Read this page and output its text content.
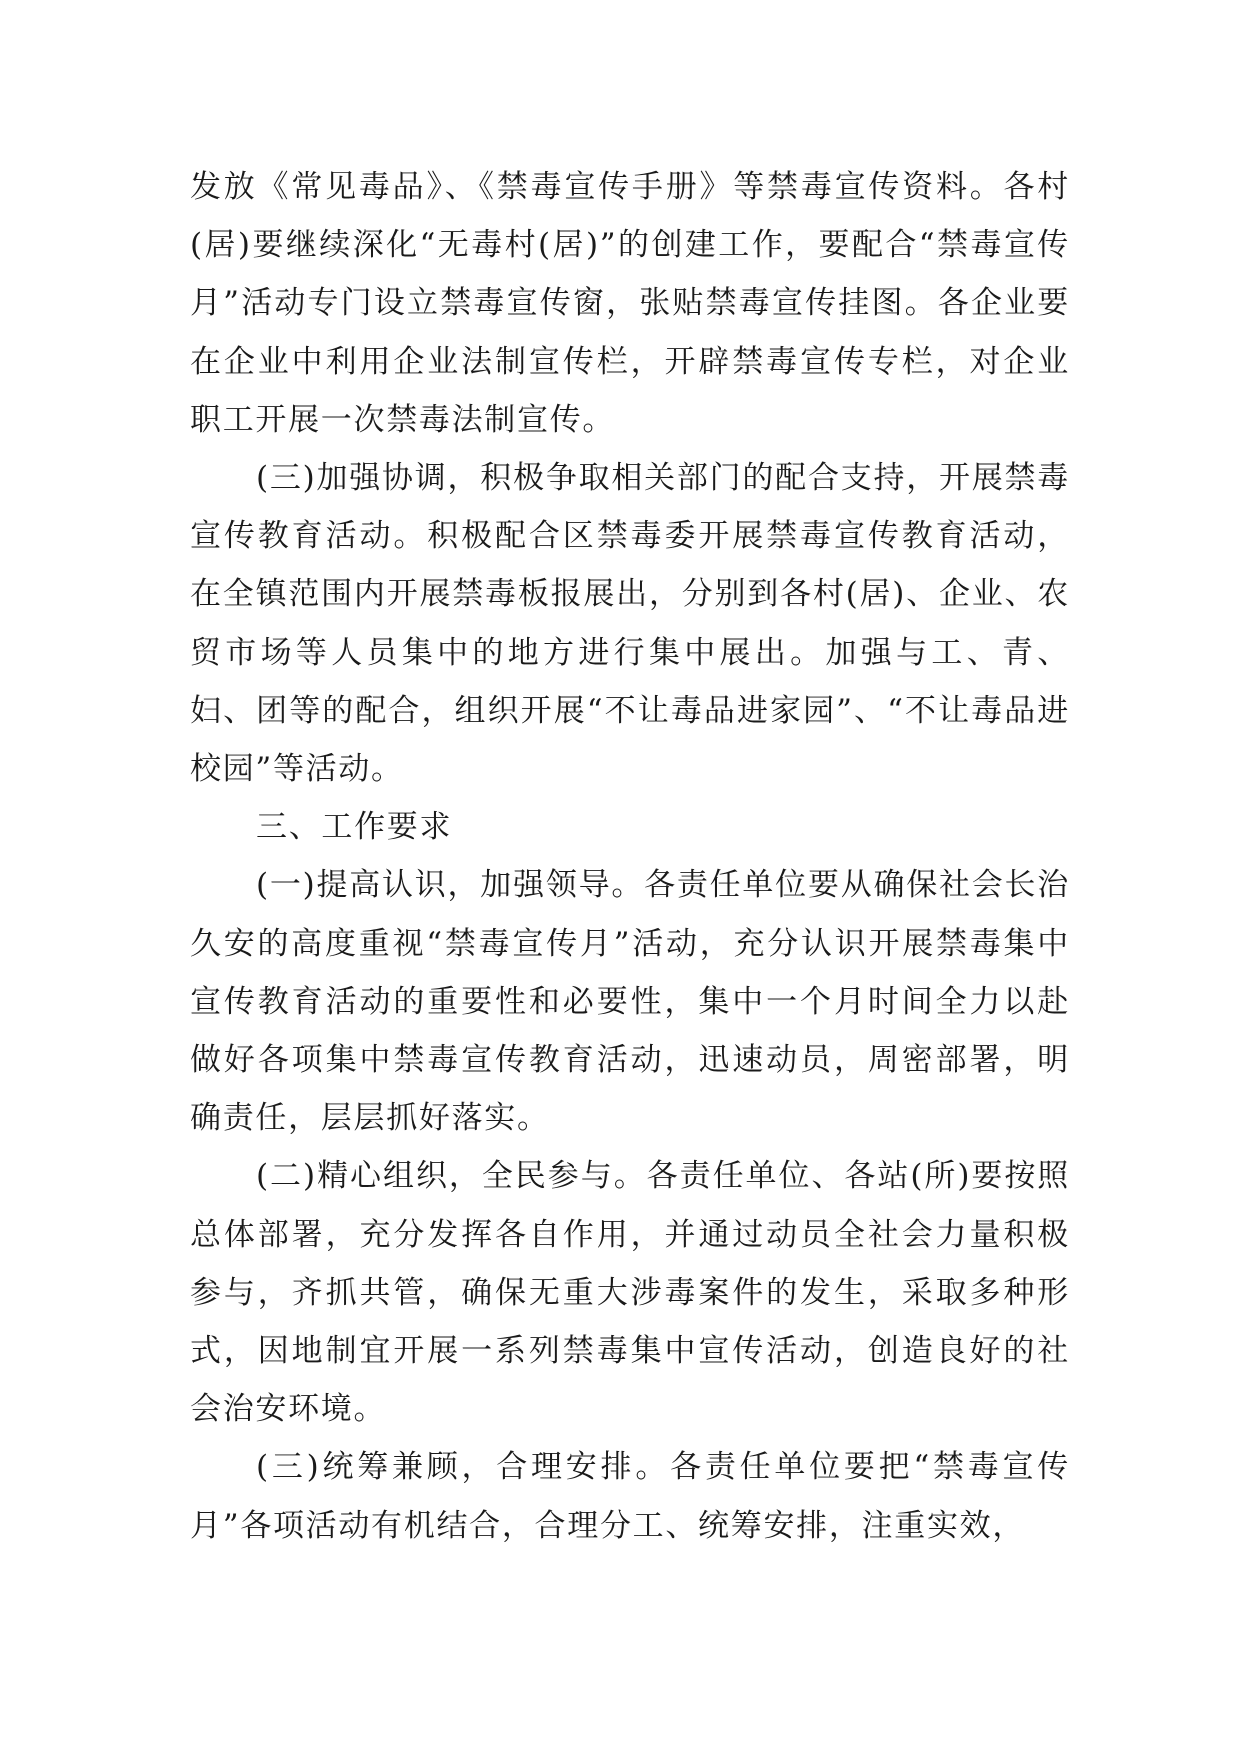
发放《常见毒品》、《禁毒宣传手册》等禁毒宣传资料。各村(居)要继续深化“无毒村(居)”的创建工作，要配合“禁毒宣传月”活动专门设立禁毒宣传窗，张贴禁毒宣传挂图。各企业要在企业中利用企业法制宣传栏，开辟禁毒宣传专栏，对企业职工开展一次禁毒法制宣传。

(三)加强协调，积极争取相关部门的配合支持，开展禁毒宣传教育活动。积极配合区禁毒委开展禁毒宣传教育活动，在全镇范围内开展禁毒板报展出，分别到各村(居)、企业、农贸市场等人员集中的地方进行集中展出。加强与工、青、妇、团等的配合，组织开展“不让毒品进家园”、“不让毒品进校园”等活动。

三、工作要求

(一)提高认识，加强领导。各责任单位要从确保社会长治久安的高度重视“禁毒宣传月”活动，充分认识开展禁毒集中宣传教育活动的重要性和必要性，集中一个月时间全力以赴做好各项集中禁毒宣传教育活动，迅速动员，周密部署，明确责任，层层抓好落实。

(二)精心组织，全民参与。各责任单位、各站(所)要按照总体部署，充分发挥各自作用，并通过动员全社会力量积极参与，齐抓共管，确保无重大涉毒案件的发生，采取多种形式，因地制宜开展一系列禁毒集中宣传活动，创造良好的社会治安环境。

(三)统筹兼顾，合理安排。各责任单位要把“禁毒宣传月”各项活动有机结合，合理分工、统筹安排，注重实效，
